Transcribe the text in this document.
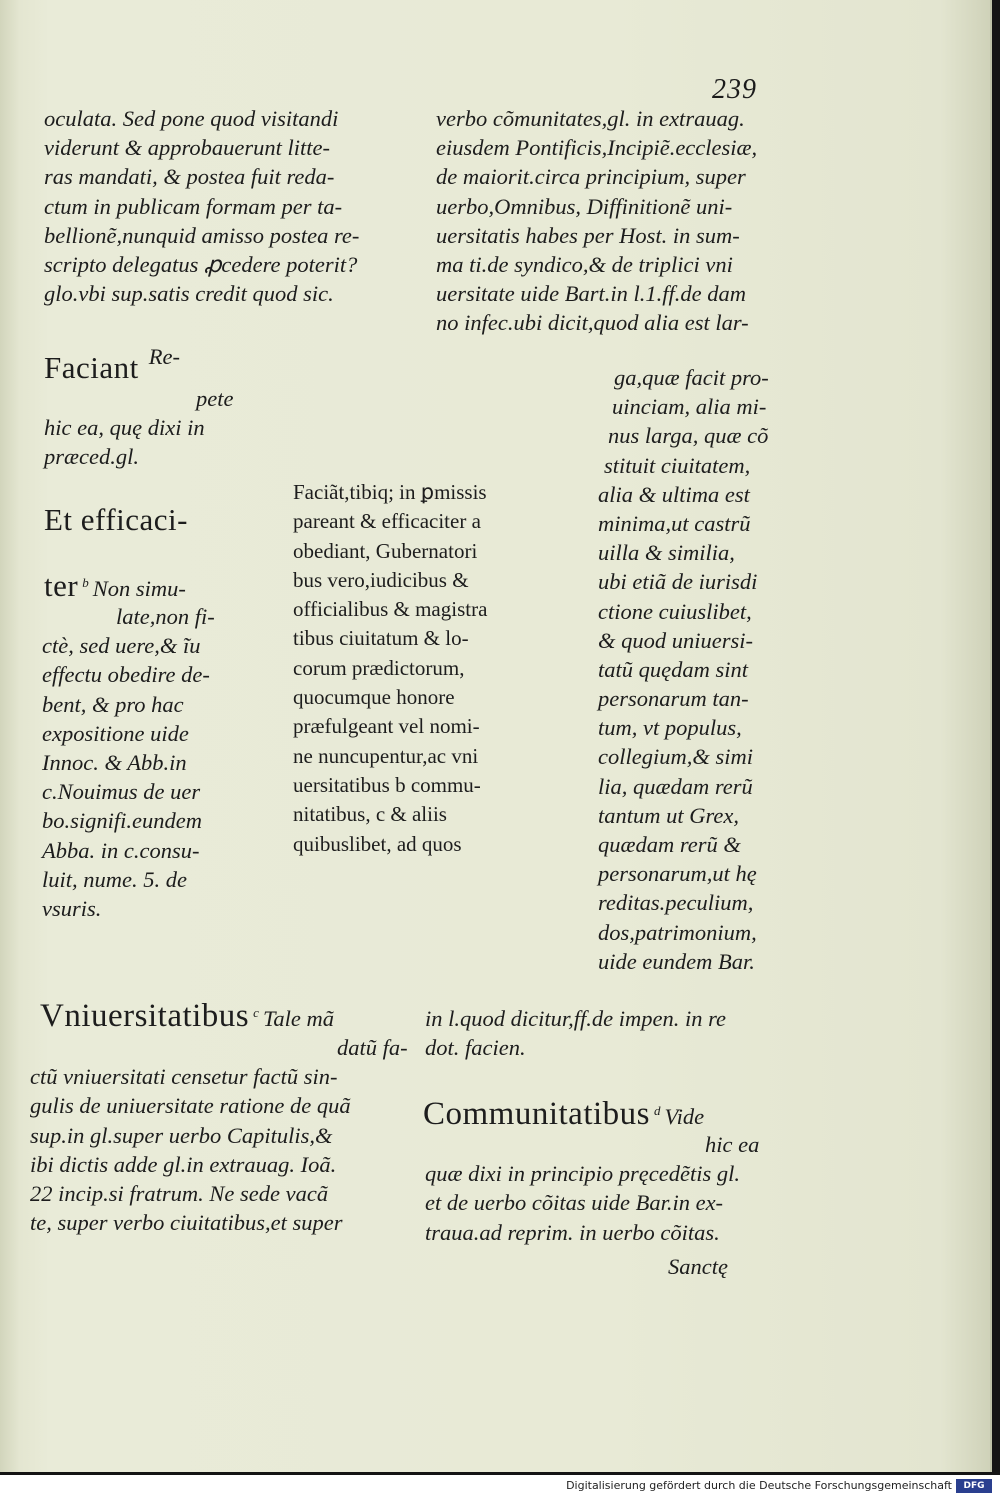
239
oculata. Sed pone quod visitandi
viderunt & approbauerunt litte-
ras mandati, & postea fuit reda-
ctum in publicam formam per ta-
bellionẽ,nunquid amisso postea re-
scripto delegatus ꝓcedere poterit?
glo.vbi sup.satis credit quod sic.
verbo cõmunitates,gl. in extrauag.
eiusdem Pontificis,Incipiẽ.ecclesiæ,
de maiorit.circa principium, super
uerbo,Omnibus, Diffinitionẽ uni-
uersitatis habes per Host. in sum-
ma ti.de syndico,& de triplici vni
uersitate uide Bart.in l.1.ff.de dam
no infec.ubi dicit,quod alia est lar-
Faciant Re-
pete
hic ea, quę dixi in
præced.gl.
Et efficaci-
ter $^b$ Non simu-
late,non fi-
ctè, sed uere,& ĩu
effectu obedire de-
bent, & pro hac
expositione uide
Innoc. & Abb.in
c.Nouimus de uer
bo.signifi.eundem
Abba. in c.consu-
luit, nume. 5. de
vsuris.
Faciãt,tibiq; in ꝑmissis
pareant & efficaciter a
obediant, Gubernatori
bus vero,iudicibus &
officialibus & magistra
tibus ciuitatum & lo-
corum prædictorum,
quocumque honore
præfulgeant vel nomi-
ne nuncupentur,ac vni
uersitatibus b commu-
nitatibus, c & aliis
quibuslibet, ad quos
ga,quæ facit pro-
uinciam, alia mi-
nus larga, quæ cõ
stituit ciuitatem,
alia & ultima est
minima,ut castrũ
uilla & similia,
ubi etiã de iurisdi
ctione cuiuslibet,
& quod uniuersi-
tatũ quędam sint
personarum tan-
tum, vt populus,
collegium,& simi
lia, quædam rerũ
tantum ut Grex,
quædam rerũ &
personarum,ut hę
reditas.peculium,
dos,patrimonium,
uide eundem Bar.
Vniuersitatibus $^c$ Tale mã
datũ fa-
ctũ vniuersitati censetur factũ sin-
gulis de uniuersitate ratione de quã
sup.in gl.super uerbo Capitulis,&
ibi dictis adde gl.in extrauag. Ioã.
22 incip.si fratrum. Ne sede vacã
te, super verbo ciuitatibus,et super
in l.quod dicitur,ff.de impen. in re
dot. facien.
Communitatibus $^d$ Vide
hic ea
quæ dixi in principio pręcedẽtis gl.
et de uerbo cõitas uide Bar.in ex-
traua.ad reprim. in uerbo cõitas.
Sanctę
Digitalisierung gefördert durch die Deutsche Forschungsgemeinschaft	DFG
